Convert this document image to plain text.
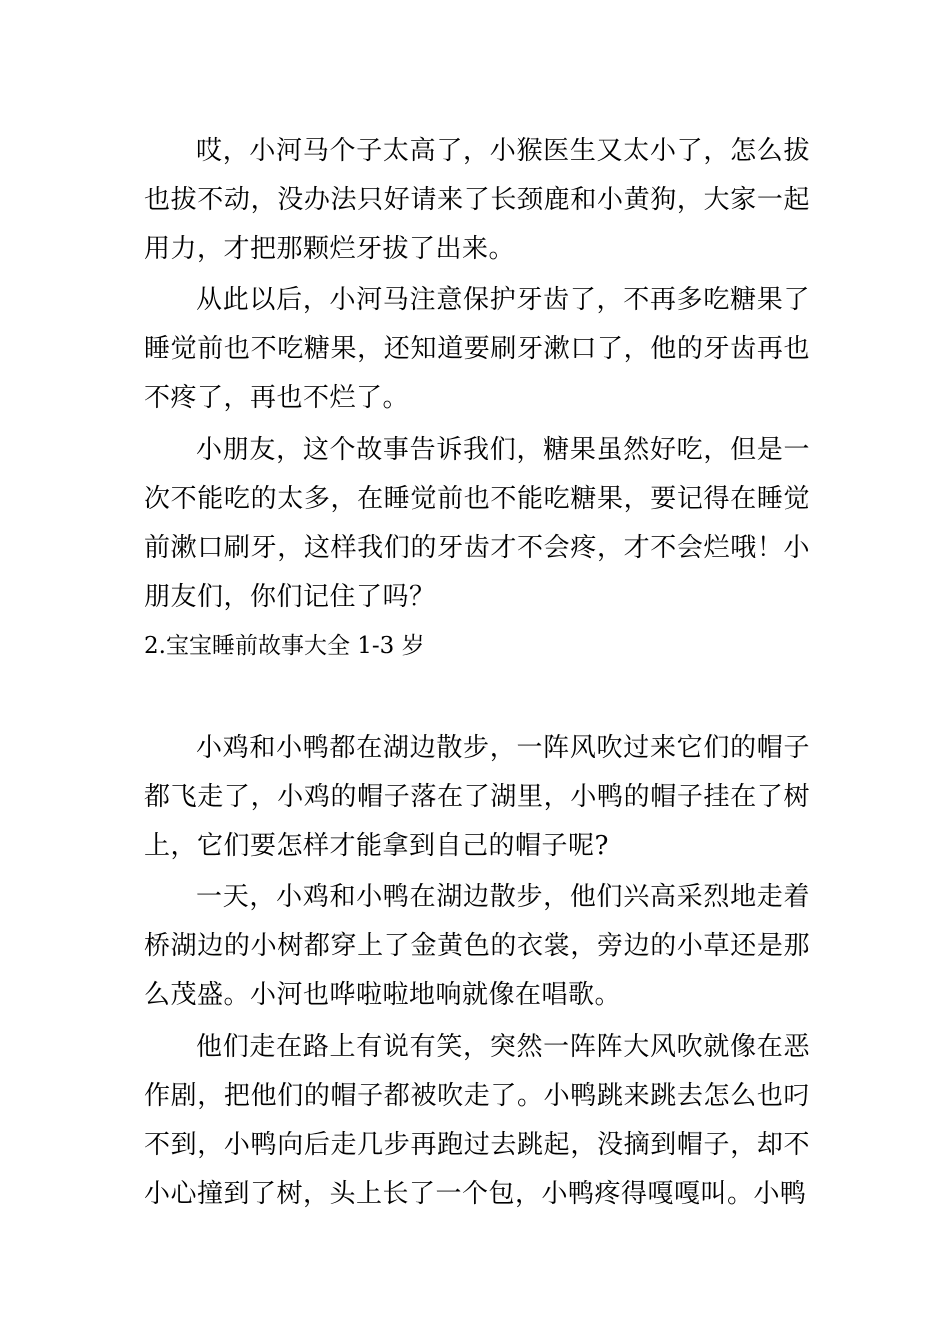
哎，小河马个子太高了，小猴医生又太小了，怎么拔也拔不动，没办法只好请来了长颈鹿和小黄狗，大家一起用力，才把那颗烂牙拔了出来。

从此以后，小河马注意保护牙齿了，不再多吃糖果了睡觉前也不吃糖果，还知道要刷牙漱口了，他的牙齿再也不疼了，再也不烂了。

小朋友，这个故事告诉我们，糖果虽然好吃，但是一次不能吃的太多，在睡觉前也不能吃糖果，要记得在睡觉前漱口刷牙，这样我们的牙齿才不会疼，才不会烂哦！小朋友们，你们记住了吗？

2.宝宝睡前故事大全 1-3 岁

小鸡和小鸭都在湖边散步，一阵风吹过来它们的帽子都飞走了，小鸡的帽子落在了湖里，小鸭的帽子挂在了树上，它们要怎样才能拿到自己的帽子呢?

一天，小鸡和小鸭在湖边散步，他们兴高采烈地走着桥湖边的小树都穿上了金黄色的衣裳，旁边的小草还是那么茂盛。小河也哗啦啦地响就像在唱歌。

他们走在路上有说有笑，突然一阵阵大风吹就像在恶作剧，把他们的帽子都被吹走了。小鸭跳来跳去怎么也叼不到，小鸭向后走几步再跑过去跳起，没摘到帽子，却不小心撞到了树，头上长了一个包，小鸭疼得嘎嘎叫。小鸭
